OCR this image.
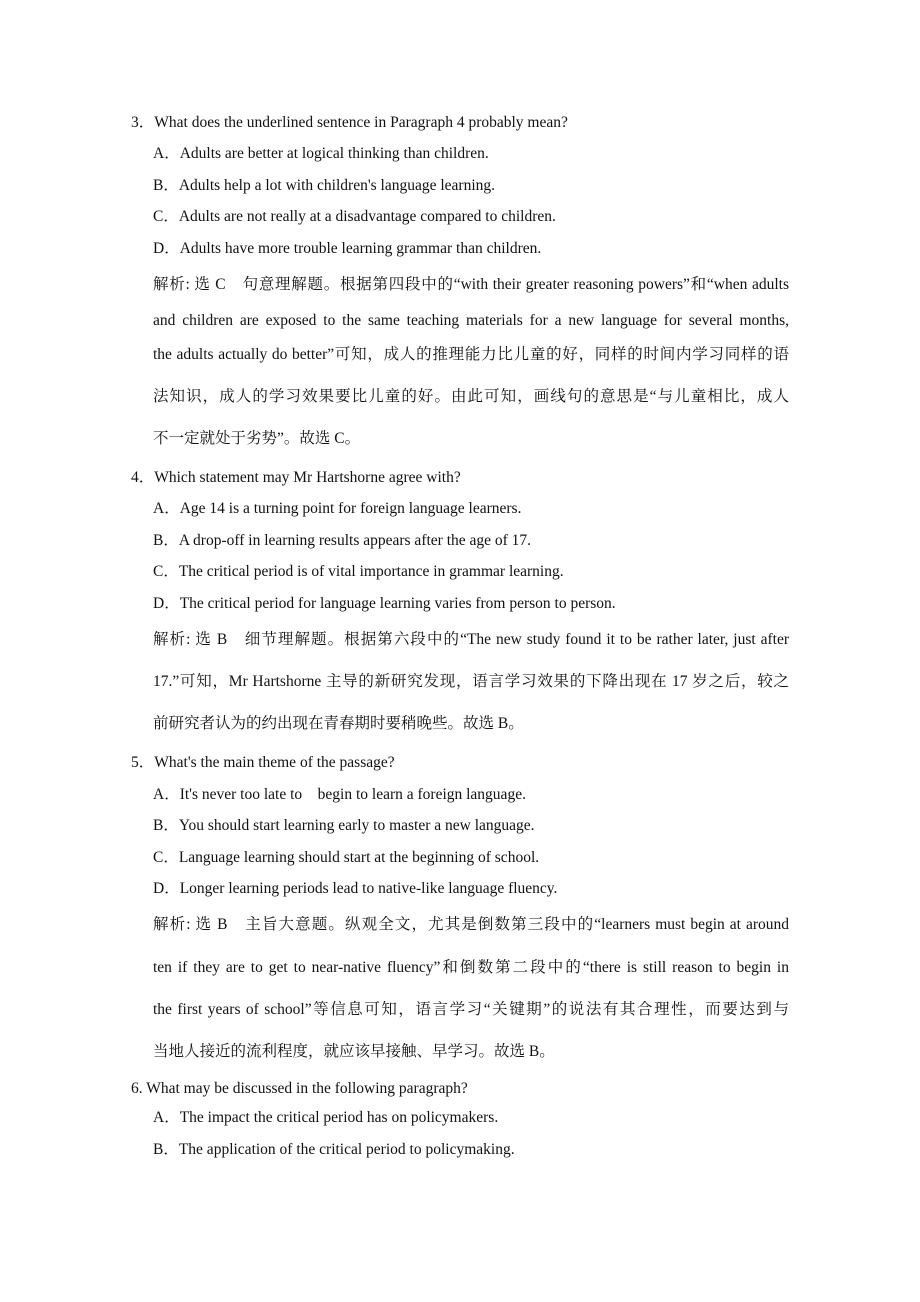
3．What does the underlined sentence in Paragraph 4 probably mean?
A．Adults are better at logical thinking than children.
B．Adults help a lot with children's language learning.
C．Adults are not really at a disadvantage compared to children.
D．Adults have more trouble learning grammar than children.
解析: 选 C　句意理解题。根据第四段中的“with their greater reasoning powers”和“when adults
and children are exposed to the same teaching materials for a new language for several months,
the adults actually do better”可知，成人的推理能力比儿童的好，同样的时间内学习同样的语
法知识，成人的学习效果要比儿童的好。由此可知，画线句的意思是“与儿童相比，成人
不一定就处于劣势”。故选 C。
4．Which statement may Mr Hartshorne agree with?
A．Age 14 is a turning point for foreign language learners.
B．A drop-off in learning results appears after the age of 17.
C．The critical period is of vital importance in grammar learning.
D．The critical period for language learning varies from person to person.
解析: 选 B　细节理解题。根据第六段中的“The new study found it to be rather later, just after
17.”可知，Mr Hartshorne 主导的新研究发现，语言学习效果的下降出现在 17 岁之后，较之
前研究者认为的约出现在青春期时要稍晚些。故选 B。
5．What's the main theme of the passage?
A．It's never too late to　begin to learn a foreign language.
B．You should start learning early to master a new language.
C．Language learning should start at the beginning of school.
D．Longer learning periods lead to native-like language fluency.
解析: 选 B　主旨大意题。纵观全文，尤其是倒数第三段中的“learners must begin at around
ten if they are to get to near-native fluency”和倒数第二段中的“there is still reason to begin in
the first years of school”等信息可知，语言学习“关键期”的说法有其合理性，而要达到与
当地人接近的流利程度，就应该早接触、早学习。故选 B。
6. What may be discussed in the following paragraph?
A．The impact the critical period has on policymakers.
B．The application of the critical period to policymaking.
